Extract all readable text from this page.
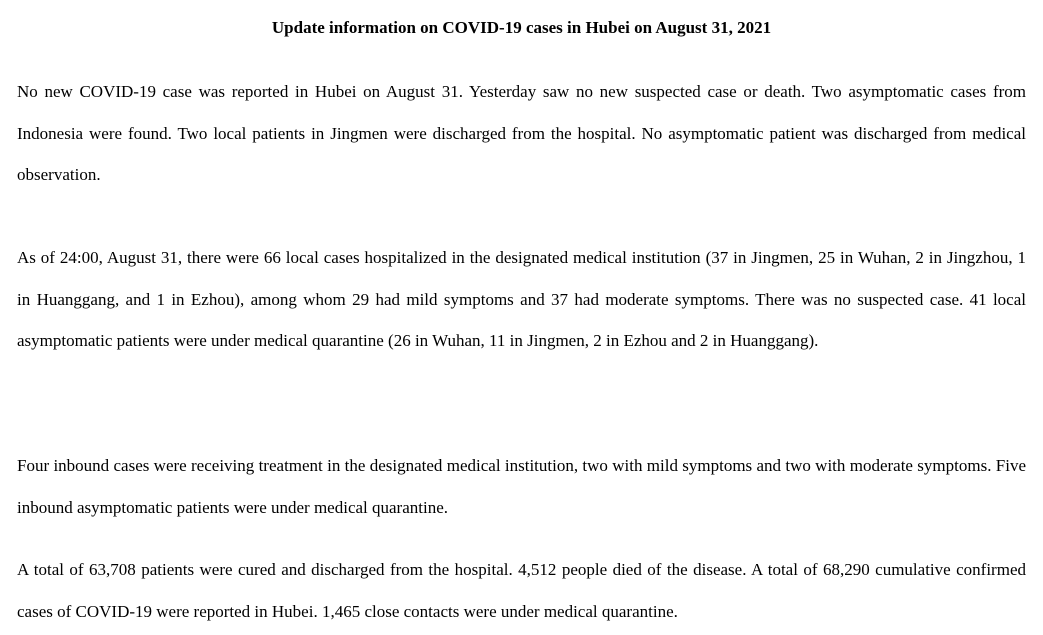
Update information on COVID-19 cases in Hubei on August 31, 2021

No new COVID-19 case was reported in Hubei on August 31. Yesterday saw no new suspected case or death. Two asymptomatic cases from Indonesia were found. Two local patients in Jingmen were discharged from the hospital. No asymptomatic patient was discharged from medical observation.

As of 24:00, August 31, there were 66 local cases hospitalized in the designated medical institution (37 in Jingmen, 25 in Wuhan, 2 in Jingzhou, 1 in Huanggang, and 1 in Ezhou), among whom 29 had mild symptoms and 37 had moderate symptoms. There was no suspected case. 41 local asymptomatic patients were under medical quarantine (26 in Wuhan, 11 in Jingmen, 2 in Ezhou and 2 in Huanggang).

Four inbound cases were receiving treatment in the designated medical institution, two with mild symptoms and two with moderate symptoms. Five inbound asymptomatic patients were under medical quarantine.

A total of 63,708 patients were cured and discharged from the hospital. 4,512 people died of the disease. A total of 68,290 cumulative confirmed cases of COVID-19 were reported in Hubei. 1,465 close contacts were under medical quarantine.
